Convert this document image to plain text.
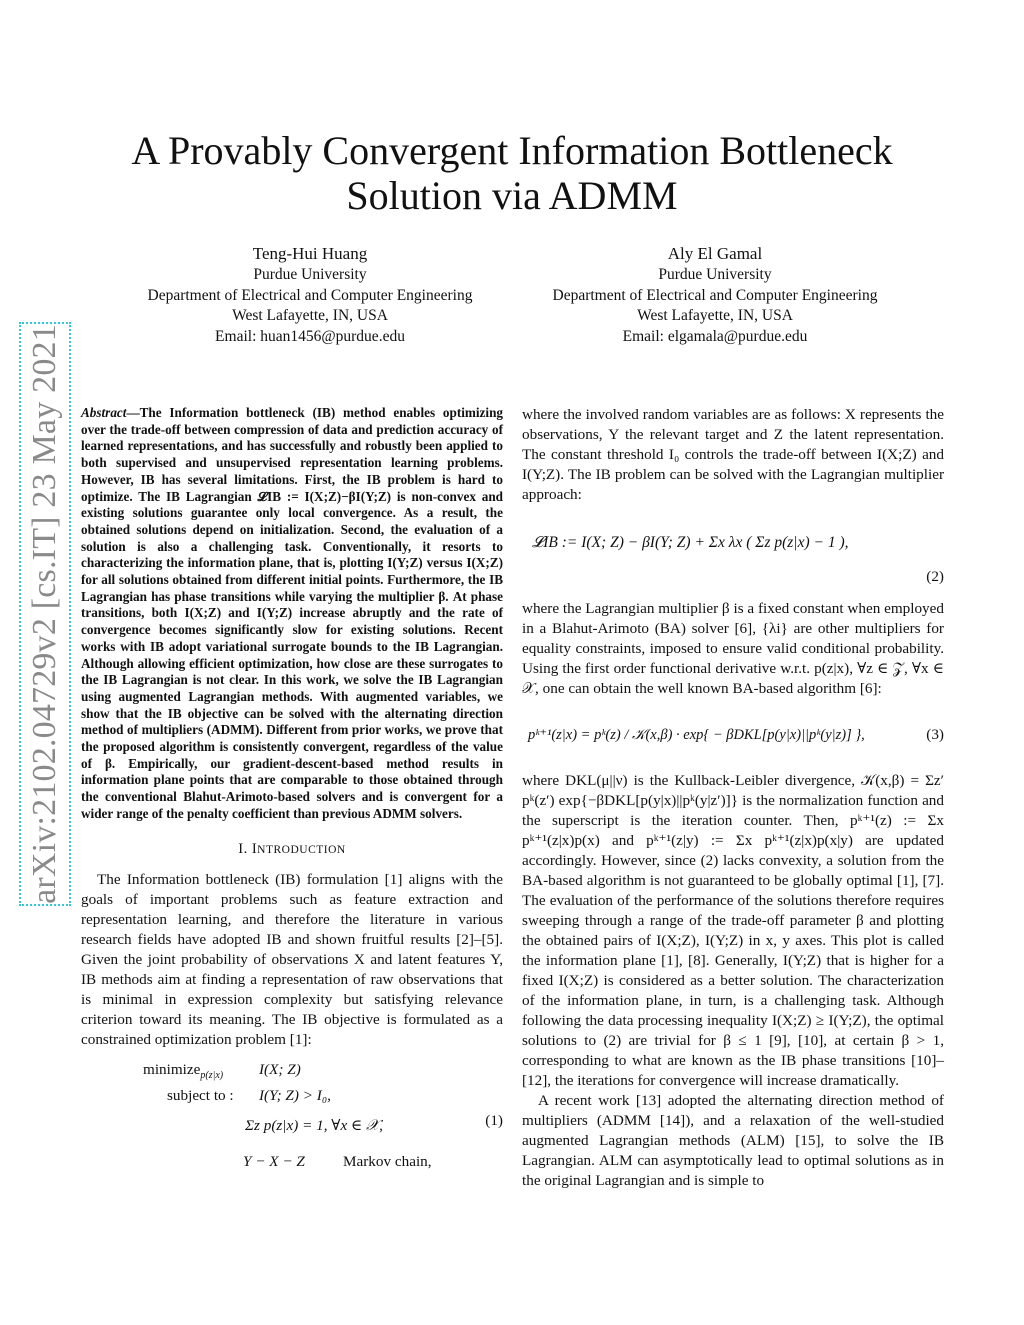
arXiv:2102.04729v2 [cs.IT] 23 May 2021
A Provably Convergent Information Bottleneck
Solution via ADMM
Teng-Hui Huang
Purdue University
Department of Electrical and Computer Engineering
West Lafayette, IN, USA
Email: huan1456@purdue.edu
Aly El Gamal
Purdue University
Department of Electrical and Computer Engineering
West Lafayette, IN, USA
Email: elgamala@purdue.edu

Abstract—The Information bottleneck (IB) method enables optimizing over the trade-off between compression of data and prediction accuracy of learned representations, and has successfully and robustly been applied to both supervised and unsupervised representation learning problems. However, IB has several limitations. First, the IB problem is hard to optimize. The IB Lagrangian 𝓛IB := I(X;Z)−βI(Y;Z) is non-convex and existing solutions guarantee only local convergence. As a result, the obtained solutions depend on initialization. Second, the evaluation of a solution is also a challenging task. Conventionally, it resorts to characterizing the information plane, that is, plotting I(Y;Z) versus I(X;Z) for all solutions obtained from different initial points. Furthermore, the IB Lagrangian has phase transitions while varying the multiplier β. At phase transitions, both I(X;Z) and I(Y;Z) increase abruptly and the rate of convergence becomes significantly slow for existing solutions. Recent works with IB adopt variational surrogate bounds to the IB Lagrangian. Although allowing efficient optimization, how close are these surrogates to the IB Lagrangian is not clear. In this work, we solve the IB Lagrangian using augmented Lagrangian methods. With augmented variables, we show that the IB objective can be solved with the alternating direction method of multipliers (ADMM). Different from prior works, we prove that the proposed algorithm is consistently convergent, regardless of the value of β. Empirically, our gradient-descent-based method results in information plane points that are comparable to those obtained through the conventional Blahut-Arimoto-based solvers and is convergent for a wider range of the penalty coefficient than previous ADMM solvers.

I. INTRODUCTION

The Information bottleneck (IB) formulation [1] aligns with the goals of important problems such as feature extraction and representation learning, and therefore the literature in various research fields have adopted IB and shown fruitful results [2]–[5]. Given the joint probability of observations X and latent features Y, IB methods aim at finding a representation of raw observations that is minimal in expression complexity but satisfying relevance criterion toward its meaning. The IB objective is formulated as a constrained optimization problem [1]:

minimize$_{p(z|x)}$ I(X; Z)
subject to : I(Y; Z) > I₀,
Σz p(z|x) = 1, ∀x ∈ 𝒳,	(1)
Y − X − Z	Markov chain,

where the involved random variables are as follows: X represents the observations, Y the relevant target and Z the latent representation. The constant threshold I₀ controls the trade-off between I(X;Z) and I(Y;Z). The IB problem can be solved with the Lagrangian multiplier approach:

𝓛IB := I(X; Z) − βI(Y; Z) + Σx λx ( Σz p(z|x) − 1 ),
(2)

where the Lagrangian multiplier β is a fixed constant when employed in a Blahut-Arimoto (BA) solver [6], {λi} are other multipliers for equality constraints, imposed to ensure valid conditional probability. Using the first order functional derivative w.r.t. p(z|x), ∀z ∈ 𝒵, ∀x ∈ 𝒳, one can obtain the well known BA-based algorithm [6]:

pᵏ⁺¹(z|x) = pᵏ(z) / 𝒦(x,β) · exp{ − βDKL[p(y|x)||pᵏ(y|z)] },	(3)

where DKL(μ||ν) is the Kullback-Leibler divergence, 𝒦(x,β) = Σz′ pᵏ(z′) exp{−βDKL[p(y|x)||pᵏ(y|z′)]} is the normalization function and the superscript is the iteration counter. Then, pᵏ⁺¹(z) := Σx pᵏ⁺¹(z|x)p(x) and pᵏ⁺¹(z|y) := Σx pᵏ⁺¹(z|x)p(x|y) are updated accordingly. However, since (2) lacks convexity, a solution from the BA-based algorithm is not guaranteed to be globally optimal [1], [7]. The evaluation of the performance of the solutions therefore requires sweeping through a range of the trade-off parameter β and plotting the obtained pairs of I(X;Z), I(Y;Z) in x, y axes. This plot is called the information plane [1], [8]. Generally, I(Y;Z) that is higher for a fixed I(X;Z) is considered as a better solution. The characterization of the information plane, in turn, is a challenging task. Although following the data processing inequality I(X;Z) ≥ I(Y;Z), the optimal solutions to (2) are trivial for β ≤ 1 [9], [10], at certain β > 1, corresponding to what are known as the IB phase transitions [10]–[12], the iterations for convergence will increase dramatically.

A recent work [13] adopted the alternating direction method of multipliers (ADMM [14]), and a relaxation of the well-studied augmented Lagrangian methods (ALM) [15], to solve the IB Lagrangian. ALM can asymptotically lead to optimal solutions as in the original Lagrangian and is simple to
